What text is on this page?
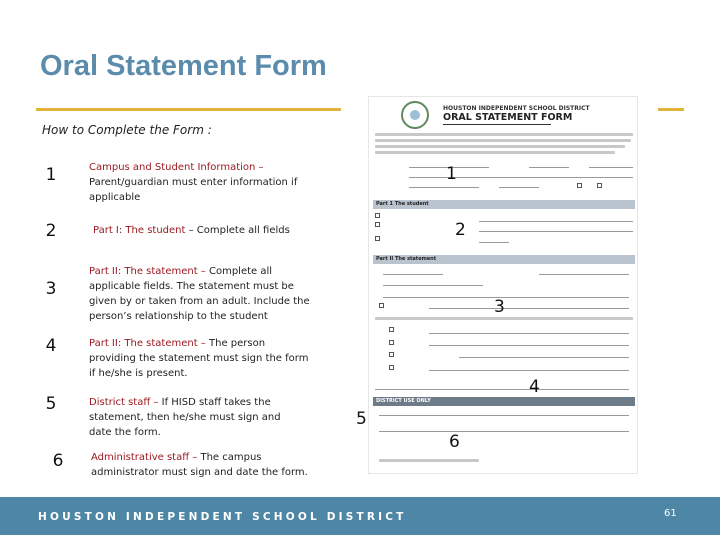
Oral Statement Form
How to Complete the Form :
1	Campus and Student Information – Parent/guardian must enter information if applicable
2	Part I: The student – Complete all fields
3
Part II: The statement – Complete all applicable fields. The statement must be given by or taken from an adult. Include the person’s relationship to the student
4	Part II: The statement – The person providing the statement must sign the form if he/she is present.
5	District staff – If HISD staff takes the statement, then he/she must sign and date the form.
6	Administrative staff – The campus administrator must sign and date the form.
HOUSTON INDEPENDENT SCHOOL DISTRICT
ORAL STATEMENT FORM
Part 1 The student
Part II The statement
DISTRICT USE ONLY
1
2
3
4
5
6
HOUSTON INDEPENDENT SCHOOL DISTRICT	61
